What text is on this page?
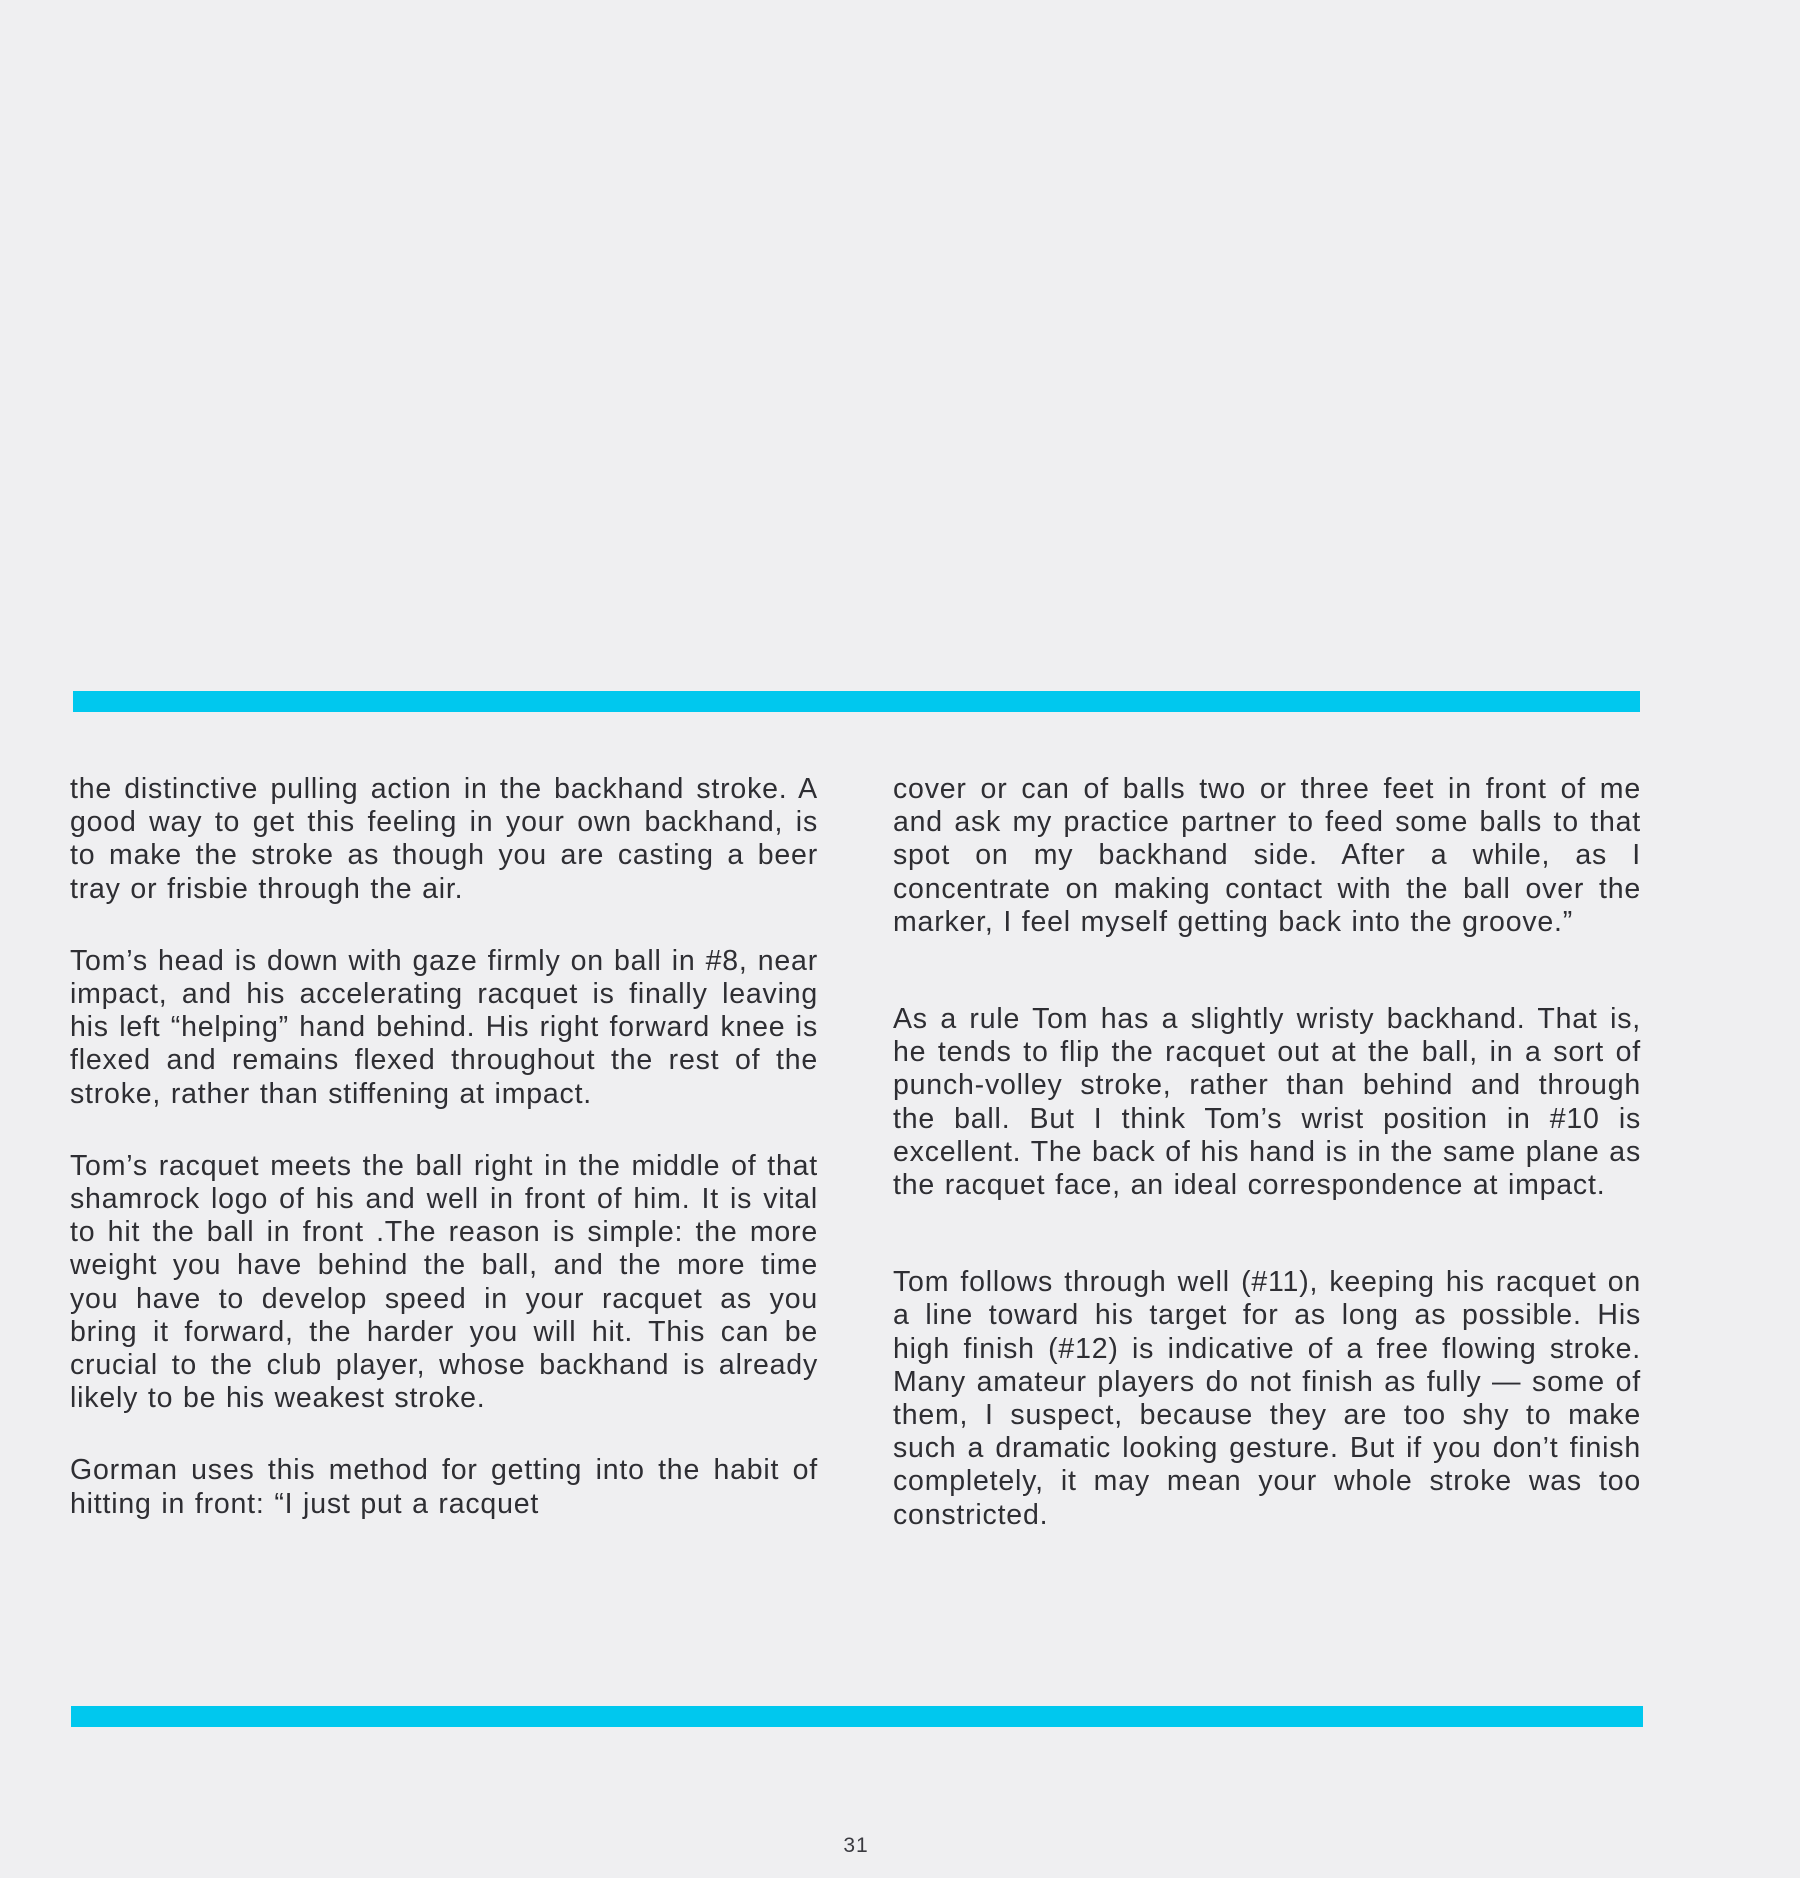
the distinctive pulling action in the backhand stroke. A good way to get this feeling in your own backhand, is to make the stroke as though you are casting a beer tray or frisbie through the air.

Tom’s head is down with gaze firmly on ball in #8, near impact, and his accelerating racquet is finally leaving his left “helping” hand behind. His right forward knee is flexed and remains flexed throughout the rest of the stroke, rather than stiffening at impact.

Tom’s racquet meets the ball right in the middle of that shamrock logo of his and well in front of him. It is vital to hit the ball in front .The reason is simple: the more weight you have behind the ball, and the more time you have to develop speed in your racquet as you bring it forward, the harder you will hit. This can be crucial to the club player, whose backhand is already likely to be his weakest stroke.

Gorman uses this method for getting into the habit of hitting in front: “I just put a racquet

cover or can of balls two or three feet in front of me and ask my practice partner to feed some balls to that spot on my backhand side. After a while, as I concentrate on making contact with the ball over the marker, I feel myself getting back into the groove.”

As a rule Tom has a slightly wristy backhand. That is, he tends to flip the racquet out at the ball, in a sort of punch-volley stroke, rather than behind and through the ball. But I think Tom’s wrist position in #10 is excellent. The back of his hand is in the same plane as the racquet face, an ideal correspondence at impact.

Tom follows through well (#11), keeping his racquet on a line toward his target for as long as possible. His high finish (#12) is indicative of a free flowing stroke. Many amateur players do not finish as fully — some of them, I suspect, because they are too shy to make such a dramatic looking gesture. But if you don’t finish completely, it may mean your whole stroke was too constricted.

31
